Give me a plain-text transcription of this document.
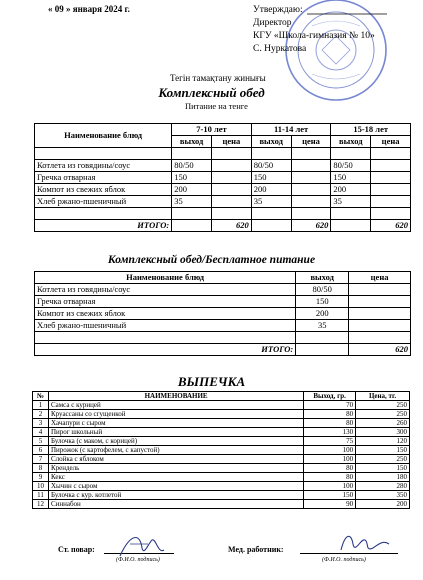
« 09 » января 2024 г.	Утверждаю:
Директор
КГУ «Школа-гимназия № 10»
С. Нуркатова
Тегін тамақтану жинығы
Комплексный обед
Питание на тенге
Наименование блюд	7-10 лет		11-14 лет		15-18 лет	
	выход	цена	выход	цена	выход	цена

Котлета из говядины/соус	80/50		80/50		80/50	
Гречка отварная	150		150		150	
Компот из свежих яблок	200		200		200	
Хлеб ржано-пшеничный	35		35		35	

ИТОГО:		620		620		620
Комплексный обед/Бесплатное питание
Наименование блюд	выход	цена
Котлета из говядины/соус	80/50	
Гречка отварная	150	
Компот из свежих яблок	200	
Хлеб ржано-пшеничный	35	

ИТОГО:		620
ВЫПЕЧКА
№	НАИМЕНОВАНИЕ	Выход, гр.	Цена, тг.
1	Самса с курицей	70	250
2	Круассаны со сгущенкой	80	250
3	Хачапури с сыром	80	260
4	Пирог школьный	130	300
5	Булочка (с маком, с корицей)	75	120
6	Пирожок (с картофелем, с капустой)	100	150
7	Слойка с яблоком	100	250
8	Крендель	80	150
9	Кекс	80	180
10	Хычин с сыром	100	280
11	Булочка с кур. котлетой	150	350
12	Синнабон	90	200
Ст. повар:
(Ф.И.О. подпись)
Мед. работник:
(Ф.И.О. подпись)
